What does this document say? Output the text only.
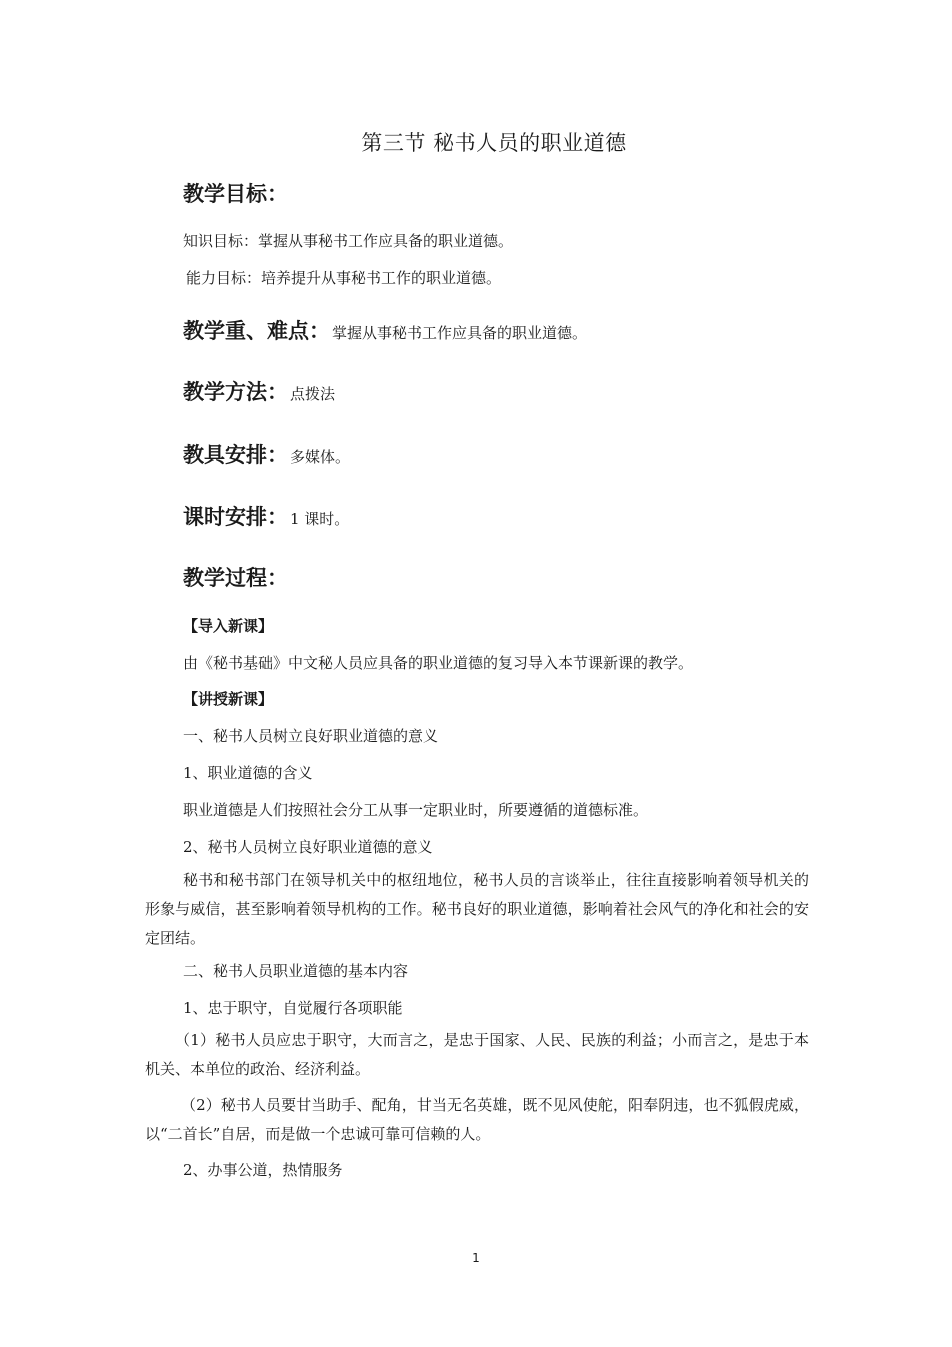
第三节 秘书人员的职业道德
教学目标：
知识目标：掌握从事秘书工作应具备的职业道德。
能力目标：培养提升从事秘书工作的职业道德。
教学重、难点： 掌握从事秘书工作应具备的职业道德。
教学方法： 点拨法
教具安排： 多媒体。
课时安排： 1 课时。
教学过程：
【导入新课】
由《秘书基础》中文秘人员应具备的职业道德的复习导入本节课新课的教学。
【讲授新课】
一、秘书人员树立良好职业道德的意义
1、职业道德的含义
职业道德是人们按照社会分工从事一定职业时，所要遵循的道德标准。
2、秘书人员树立良好职业道德的意义
秘书和秘书部门在领导机关中的枢纽地位，秘书人员的言谈举止，往往直接影响着领导机关的形象与威信，甚至影响着领导机构的工作。秘书良好的职业道德，影响着社会风气的净化和社会的安定团结。
二、秘书人员职业道德的基本内容
1、忠于职守，自觉履行各项职能
（1）秘书人员应忠于职守，大而言之，是忠于国家、人民、民族的利益；小而言之，是忠于本机关、本单位的政治、经济利益。
（2）秘书人员要甘当助手、配角，甘当无名英雄，既不见风使舵，阳奉阴违，也不狐假虎威，以“二首长”自居，而是做一个忠诚可靠可信赖的人。
2、办事公道，热情服务
1
